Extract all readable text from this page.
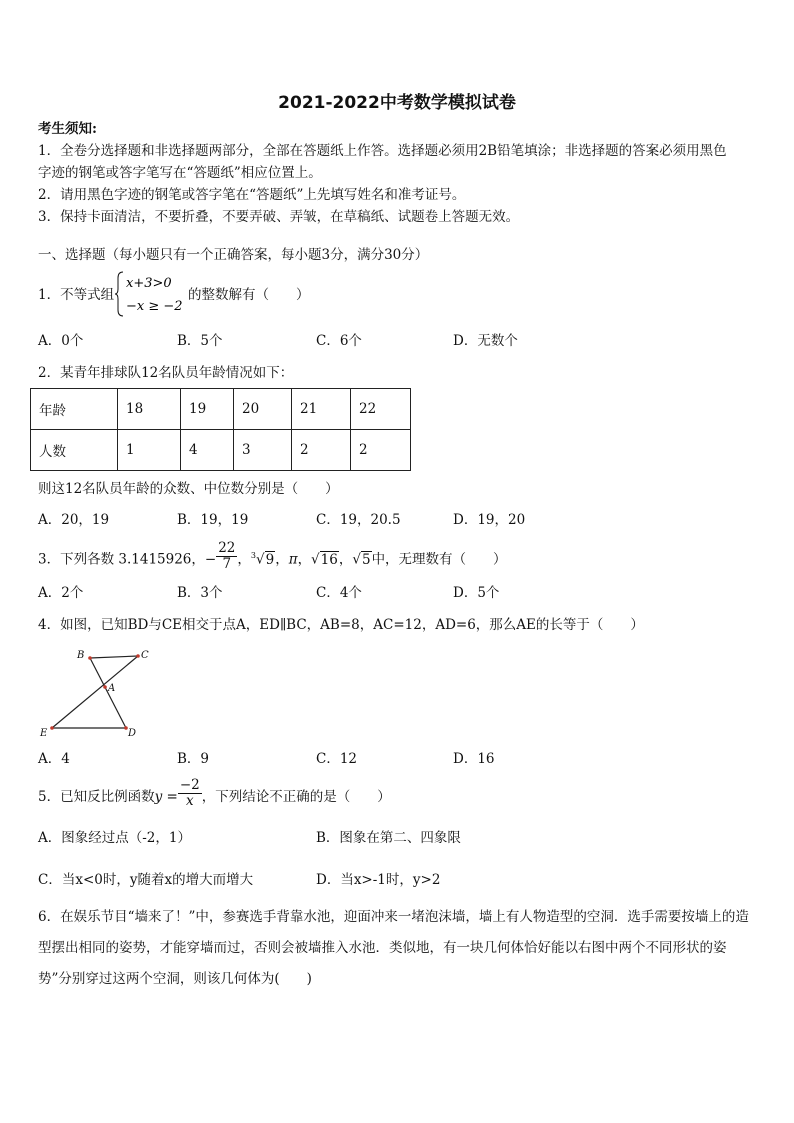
2021-2022中考数学模拟试卷
考生须知:
1．全卷分选择题和非选择题两部分，全部在答题纸上作答。选择题必须用2B铅笔填涂；非选择题的答案必须用黑色
字迹的钢笔或答字笔写在“答题纸”相应位置上。
2．请用黑色字迹的钢笔或答字笔在“答题纸”上先填写姓名和准考证号。
3．保持卡面清洁，不要折叠，不要弄破、弄皱，在草稿纸、试题卷上答题无效。
一、选择题（每小题只有一个正确答案，每小题3分，满分30分）
1．不等式组
x+3>0
−x ≥ −2
的整数解有（　　）
A．0个	B．5个	C．6个	D．无数个
2．某青年排球队12名队员年龄情况如下：
年龄	18	19	20	21	22
人数	1	4	3	2	2
则这12名队员年龄的众数、中位数分别是（　　）
A．20，19	B．19，19	C．19，20.5	D．19，20
3．下列各数 3.1415926，− $\frac{22}{7}$ ，$^3$√9，π，√16，√5中，无理数有（　　）
A．2个	B．3个	C．4个	D．5个
4．如图，已知BD与CE相交于点A，ED∥BC，AB=8，AC=12，AD=6，那么AE的长等于（　　）
B	C
A
E	D
A．4	B．9	C．12	D．16
5．已知反比例函数$y = \frac{-2}{x}$ ，下列结论不正确的是（　　）
A．图象经过点（-2，1）	B．图象在第二、四象限
C．当x<0时，y随着x的增大而增大	D．当x>-1时，y>2
6．在娱乐节目“墙来了！”中，参赛选手背靠水池，迎面冲来一堵泡沫墙，墙上有人物造型的空洞．选手需要按墙上的造型摆出相同的姿势，才能穿墙而过，否则会被墙推入水池．类似地，有一块几何体恰好能以右图中两个不同形状的姿势”分别穿过这两个空洞，则该几何体为(　　)
